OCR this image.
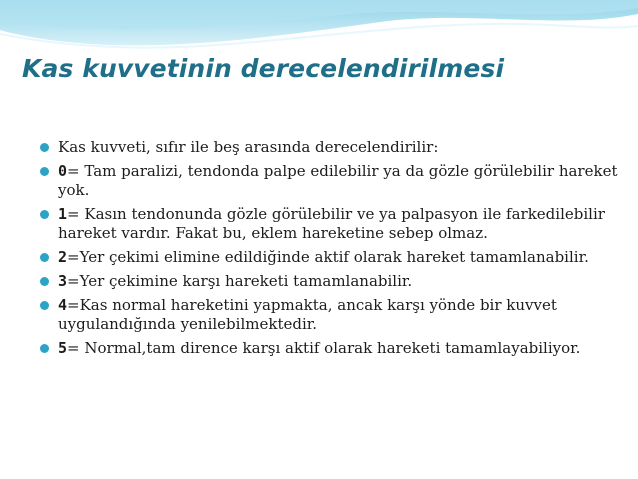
Kas kuvvetinin derecelendirilmesi
Kas kuvveti, sıfır ile beş arasında derecelendirilir:
0= Tam paralizi, tendonda palpe edilebilir ya da gözle görülebilir hareket yok.
1= Kasın tendonunda gözle görülebilir ve ya palpasyon ile farkedilebilir hareket vardır. Fakat bu, eklem hareketine sebep olmaz.
2=Yer çekimi elimine edildiğinde aktif olarak hareket tamamlanabilir.
3=Yer çekimine karşı hareketi tamamlanabilir.
4=Kas normal hareketini yapmakta, ancak karşı yönde bir kuvvet uygulandığında yenilebilmektedir.
5= Normal,tam dirence karşı aktif olarak hareketi tamamlayabiliyor.
